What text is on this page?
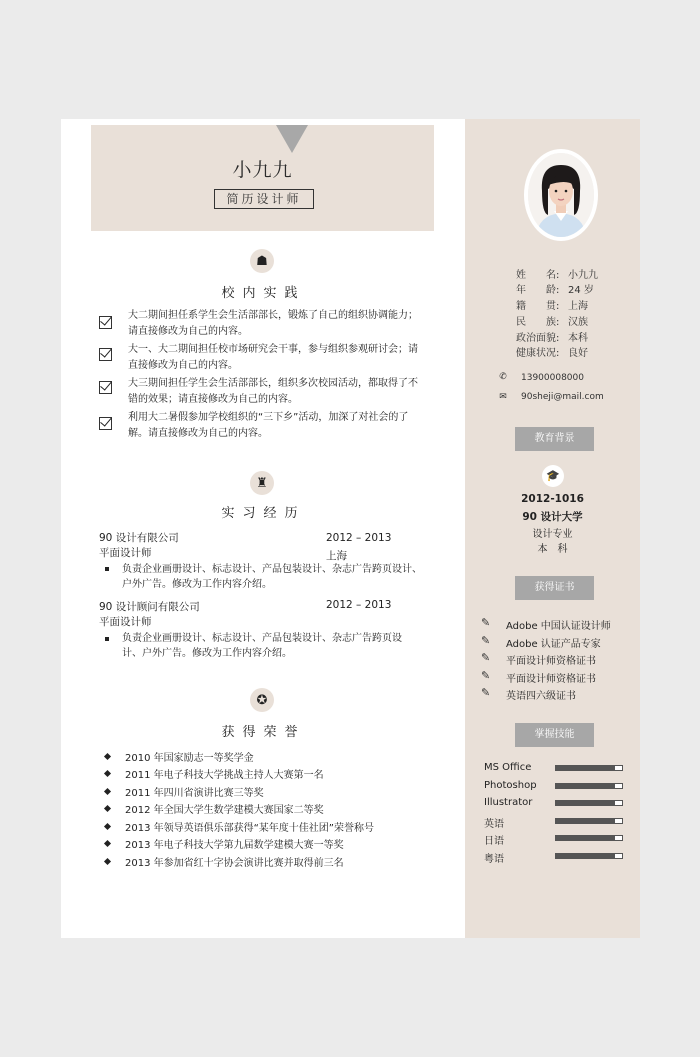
小九九
简历设计师
☗
校内实践
大二期间担任系学生会生活部部长，锻炼了自己的组织协调能力；
请直接修改为自己的内容。
大一、大二期间担任校市场研究会干事，参与组织参观研讨会；请
直接修改为自己的内容。
大三期间担任学生会生活部部长，组织多次校园活动，都取得了不
错的效果；请直接修改为自己的内容。
利用大二暑假参加学校组织的“三下乡”活动，加深了对社会的了
解。请直接修改为自己的内容。
♜
实习经历
90 设计有限公司	2012 – 2013
平面设计师	上海
负责企业画册设计、标志设计、产品包装设计、杂志广告跨页设计、
户外广告。修改为工作内容介绍。
90 设计顾问有限公司	2012 – 2013
平面设计师
负责企业画册设计、标志设计、产品包装设计、杂志广告跨页设
计、户外广告。修改为工作内容介绍。
✪
获得荣誉
2010 年国家励志一等奖学金
2011 年电子科技大学挑战主持人大赛第一名
2011 年四川省演讲比赛三等奖
2012 年全国大学生数学建模大赛国家二等奖
2013 年领导英语俱乐部获得“某年度十佳社团”荣誉称号
2013 年电子科技大学第九届数学建模大赛一等奖
2013 年参加省红十字协会演讲比赛并取得前三名
姓　　名: 小九九
年　　龄: 24 岁
籍　　贯: 上海
民　　族: 汉族
政治面貌: 本科
健康状况: 良好
✆ 13900008000
✉ 90sheji@mail.com
教育背景
🎓
2012-1016
90 设计大学
设计专业
本　科
获得证书
✎ Adobe 中国认证设计师
✎ Adobe 认证产品专家
✎ 平面设计师资格证书
✎ 平面设计师资格证书
✎ 英语四六级证书
掌握技能
MS Office
Photoshop
Illustrator
英语
日语
粤语
